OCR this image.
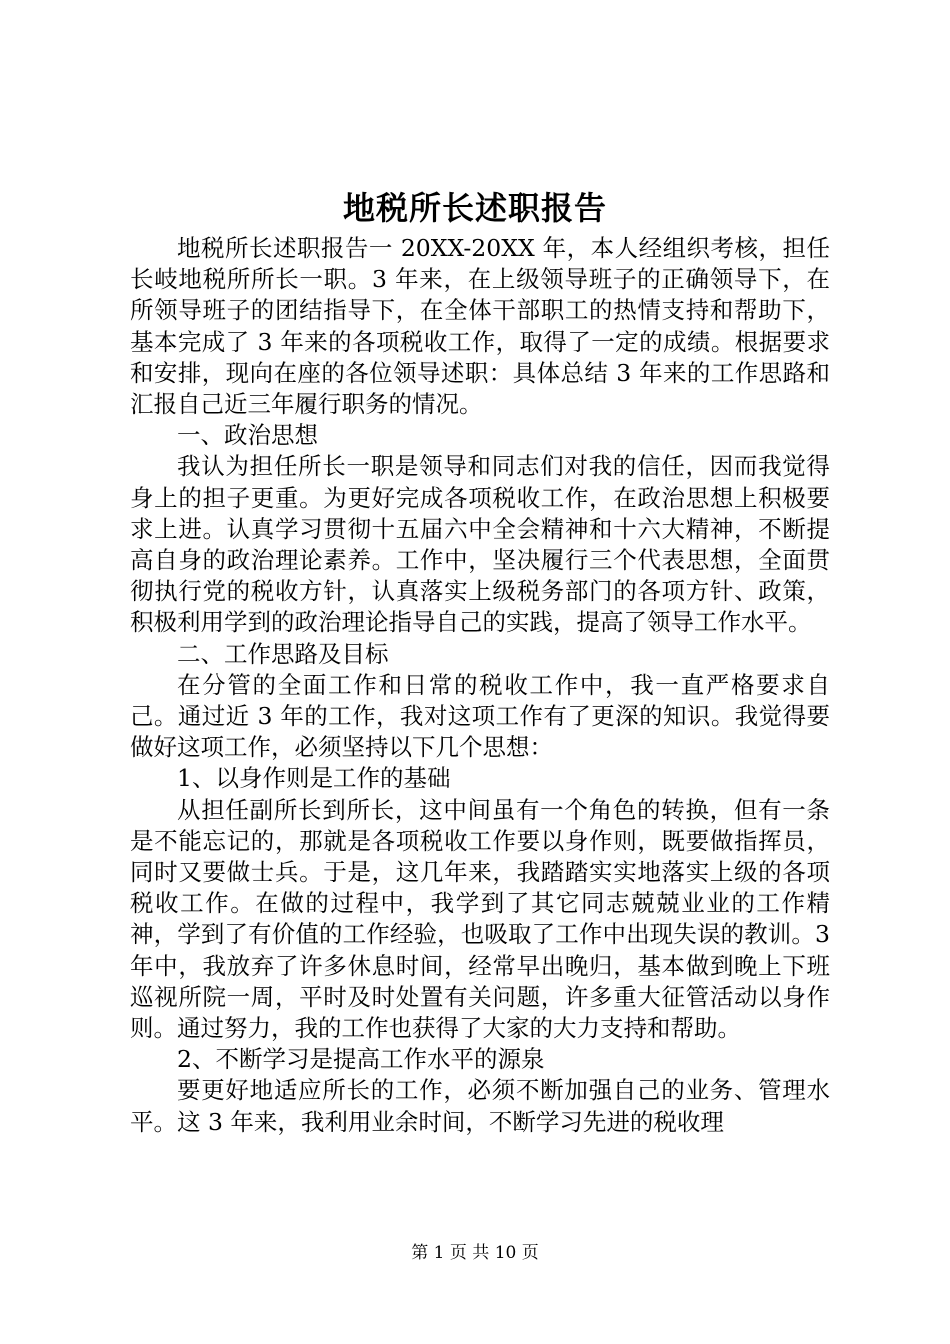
地税所长述职报告

地税所长述职报告一 20XX-20XX 年，本人经组织考核，担任长岐地税所所长一职。3 年来，在上级领导班子的正确领导下，在所领导班子的团结指导下，在全体干部职工的热情支持和帮助下，基本完成了 3 年来的各项税收工作，取得了一定的成绩。根据要求和安排，现向在座的各位领导述职：具体总结 3 年来的工作思路和汇报自己近三年履行职务的情况。

一、政治思想

我认为担任所长一职是领导和同志们对我的信任，因而我觉得身上的担子更重。为更好完成各项税收工作，在政治思想上积极要求上进。认真学习贯彻十五届六中全会精神和十六大精神，不断提高自身的政治理论素养。工作中，坚决履行三个代表思想，全面贯彻执行党的税收方针，认真落实上级税务部门的各项方针、政策，积极利用学到的政治理论指导自己的实践，提高了领导工作水平。

二、工作思路及目标

在分管的全面工作和日常的税收工作中，我一直严格要求自己。通过近 3 年的工作，我对这项工作有了更深的知识。我觉得要做好这项工作，必须坚持以下几个思想：

1、以身作则是工作的基础

从担任副所长到所长，这中间虽有一个角色的转换，但有一条是不能忘记的，那就是各项税收工作要以身作则，既要做指挥员，同时又要做士兵。于是，这几年来，我踏踏实实地落实上级的各项税收工作。在做的过程中，我学到了其它同志兢兢业业的工作精神，学到了有价值的工作经验，也吸取了工作中出现失误的教训。3 年中，我放弃了许多休息时间，经常早出晚归，基本做到晚上下班巡视所院一周，平时及时处置有关问题，许多重大征管活动以身作则。通过努力，我的工作也获得了大家的大力支持和帮助。

2、不断学习是提高工作水平的源泉

要更好地适应所长的工作，必须不断加强自己的业务、管理水平。这 3 年来，我利用业余时间，不断学习先进的税收理

第 1 页 共 10 页
